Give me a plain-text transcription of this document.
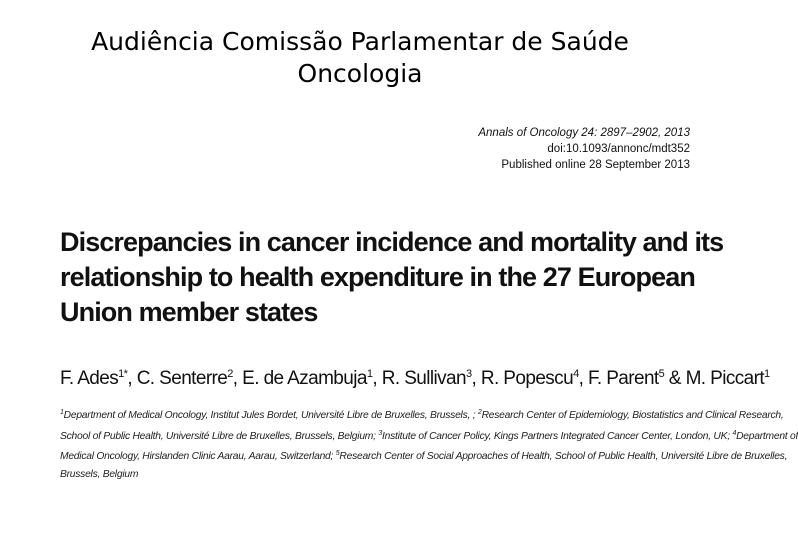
Audiência Comissão Parlamentar de Saúde
Oncologia
Annals of Oncology 24: 2897–2902, 2013
doi:10.1093/annonc/mdt352
Published online 28 September 2013
Discrepancies in cancer incidence and mortality and its
relationship to health expenditure in the 27 European
Union member states
F. Ades$^{1*}$, C. Senterre$^2$, E. de Azambuja$^1$, R. Sullivan$^3$, R. Popescu$^4$, F. Parent$^5$ & M. Piccart$^1$
$^1$Department of Medical Oncology, Institut Jules Bordet, Université Libre de Bruxelles, Brussels, ; $^2$Research Center of Epidemiology, Biostatistics and Clinical Research,
School of Public Health, Université Libre de Bruxelles, Brussels, Belgium; $^3$Institute of Cancer Policy, Kings Partners Integrated Cancer Center, London, UK; $^4$Department of
Medical Oncology, Hirslanden Clinic Aarau, Aarau, Switzerland; $^5$Research Center of Social Approaches of Health, School of Public Health, Université Libre de Bruxelles,
Brussels, Belgium
